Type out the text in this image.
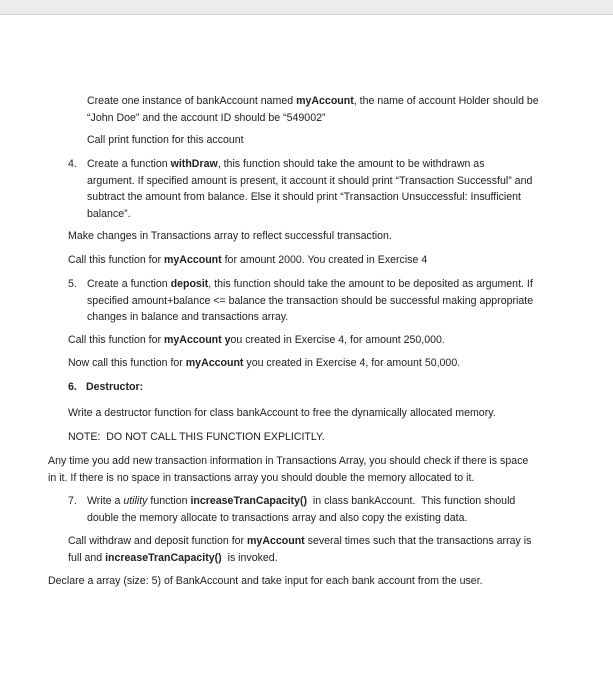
Create one instance of bankAccount named myAccount, the name of account Holder should be
“John Doe” and the account ID should be “549002”
Call print function for this account
4. Create a function withDraw, this function should take the amount to be withdrawn as
argument. If specified amount is present, it account it should print “Transaction Successful” and
subtract the amount from balance. Else it should print “Transaction Unsuccessful: Insufficient
balance”.
Make changes in Transactions array to reflect successful transaction.
Call this function for myAccount for amount 2000. You created in Exercise 4
5. Create a function deposit, this function should take the amount to be deposited as argument. If
specified amount+balance <= balance the transaction should be successful making appropriate
changes in balance and transactions array.
Call this function for myAccount you created in Exercise 4, for amount 250,000.
Now call this function for myAccount you created in Exercise 4, for amount 50,000.
6. Destructor:
Write a destructor function for class bankAccount to free the dynamically allocated memory.
NOTE:  DO NOT CALL THIS FUNCTION EXPLICITLY.
Any time you add new transaction information in Transactions Array, you should check if there is space
in it. If there is no space in transactions array you should double the memory allocated to it.
7. Write a utility function increaseTranCapacity()  in class bankAccount.  This function should
double the memory allocate to transactions array and also copy the existing data.
Call withdraw and deposit function for myAccount several times such that the transactions array is
full and increaseTranCapacity()  is invoked.
Declare a array (size: 5) of BankAccount and take input for each bank account from the user.
